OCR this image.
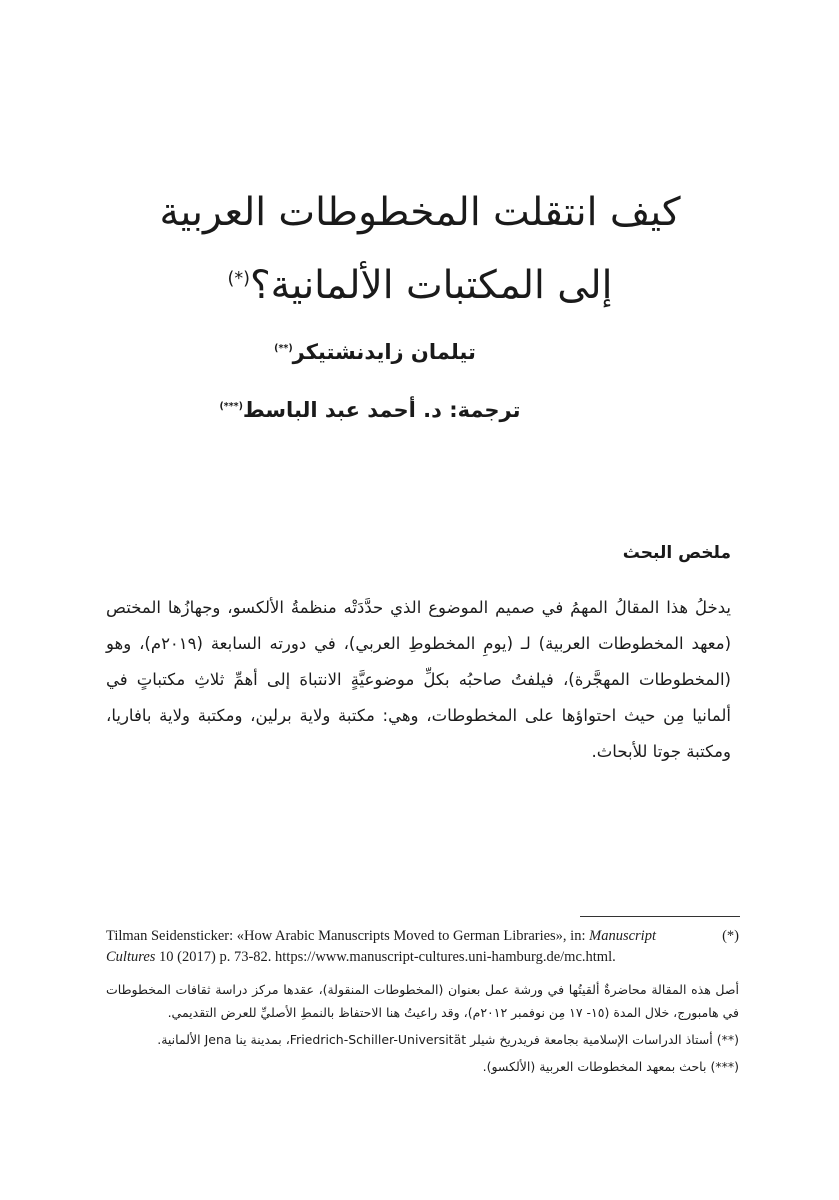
كيف انتقلت المخطوطات العربية
إلى المكتبات الألمانية؟(*)
تيلمان زايدنشتيكر(**)
ترجمة: د. أحمد عبد الباسط(***)
ملخص البحث

يدخلُ هذا المقالُ المهمُ في صميم الموضوع الذي حدَّدَتْه منظمةُ الألكسو، وجهازُها المختص (معهد المخطوطات العربية) لـ (يومِ المخطوطِ العربي)، في دورته السابعة (٢٠١٩م)، وهو (المخطوطات المهجَّرة)، فيلفتُ صاحبُه بكلِّ موضوعيَّةٍ الانتباهَ إلى أهمِّ ثلاثِ مكتباتٍ في ألمانيا مِن حيث احتواؤها على المخطوطات، وهي: مكتبة ولاية برلين، ومكتبة ولاية بافاريا، ومكتبة جوتا للأبحاث.

(*)
Tilman Seidensticker: «How Arabic Manuscripts Moved to German Libraries», in: Manuscript Cultures 10 (2017) p. 73-82. https://www.manuscript-cultures.uni-hamburg.de/mc.html.
أصل هذه المقالة محاضرةٌ ألقيتُها في ورشة عمل بعنوان (المخطوطات المنقولة)، عقدها مركز دراسة ثقافات المخطوطات في هامبورج، خلال المدة (١٥- ١٧ مِن نوفمبر ٢٠١٢م)، وقد راعيتُ هنا الاحتفاظ بالنمطِ الأصليِّ للعرض التقديمي.
(**)أستاذ الدراسات الإسلامية بجامعة فريدريخ شيلر Friedrich-Schiller-Universität، بمدينة ينا Jena الألمانية.
(***)باحث بمعهد المخطوطات العربية (الألكسو).
